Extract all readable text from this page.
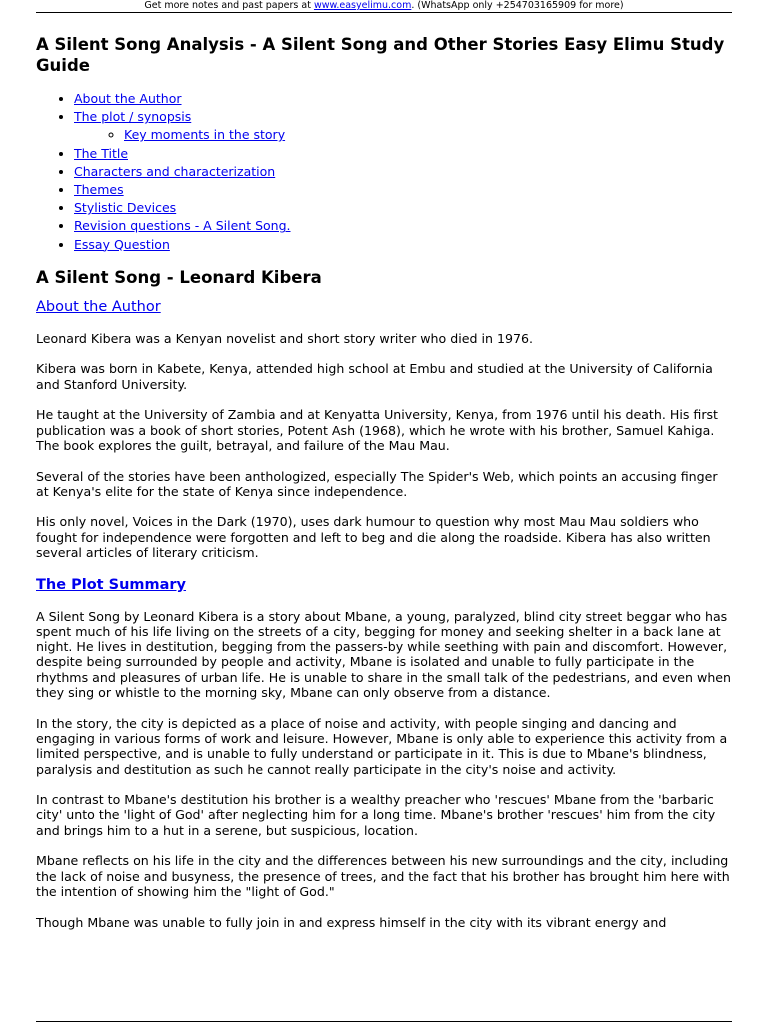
Get more notes and past papers at www.easyelimu.com. (WhatsApp only +254703165909 for more)
A Silent Song Analysis - A Silent Song and Other Stories Easy Elimu Study Guide
• About the Author
• The plot / synopsis
◦ Key moments in the story
• The Title
• Characters and characterization
• Themes
• Stylistic Devices
• Revision questions - A Silent Song.
• Essay Question
A Silent Song - Leonard Kibera
About the Author

Leonard Kibera was a Kenyan novelist and short story writer who died in 1976.

Kibera was born in Kabete, Kenya, attended high school at Embu and studied at the University of California and Stanford University.

He taught at the University of Zambia and at Kenyatta University, Kenya, from 1976 until his death. His first publication was a book of short stories, Potent Ash (1968), which he wrote with his brother, Samuel Kahiga. The book explores the guilt, betrayal, and failure of the Mau Mau.

Several of the stories have been anthologized, especially The Spider's Web, which points an accusing finger at Kenya's elite for the state of Kenya since independence.

His only novel, Voices in the Dark (1970), uses dark humour to question why most Mau Mau soldiers who fought for independence were forgotten and left to beg and die along the roadside. Kibera has also written several articles of literary criticism.

The Plot Summary

A Silent Song by Leonard Kibera is a story about Mbane, a young, paralyzed, blind city street beggar who has spent much of his life living on the streets of a city, begging for money and seeking shelter in a back lane at night. He lives in destitution, begging from the passers-by while seething with pain and discomfort. However, despite being surrounded by people and activity, Mbane is isolated and unable to fully participate in the rhythms and pleasures of urban life. He is unable to share in the small talk of the pedestrians, and even when they sing or whistle to the morning sky, Mbane can only observe from a distance.

In the story, the city is depicted as a place of noise and activity, with people singing and dancing and engaging in various forms of work and leisure. However, Mbane is only able to experience this activity from a limited perspective, and is unable to fully understand or participate in it. This is due to Mbane's blindness, paralysis and destitution as such he cannot really participate in the city's noise and activity.

In contrast to Mbane's destitution his brother is a wealthy preacher who 'rescues' Mbane from the 'barbaric city' unto the 'light of God' after neglecting him for a long time. Mbane's brother 'rescues' him from the city and brings him to a hut in a serene, but suspicious, location.

Mbane reflects on his life in the city and the differences between his new surroundings and the city, including the lack of noise and busyness, the presence of trees, and the fact that his brother has brought him here with the intention of showing him the "light of God."

Though Mbane was unable to fully join in and express himself in the city with its vibrant energy and
